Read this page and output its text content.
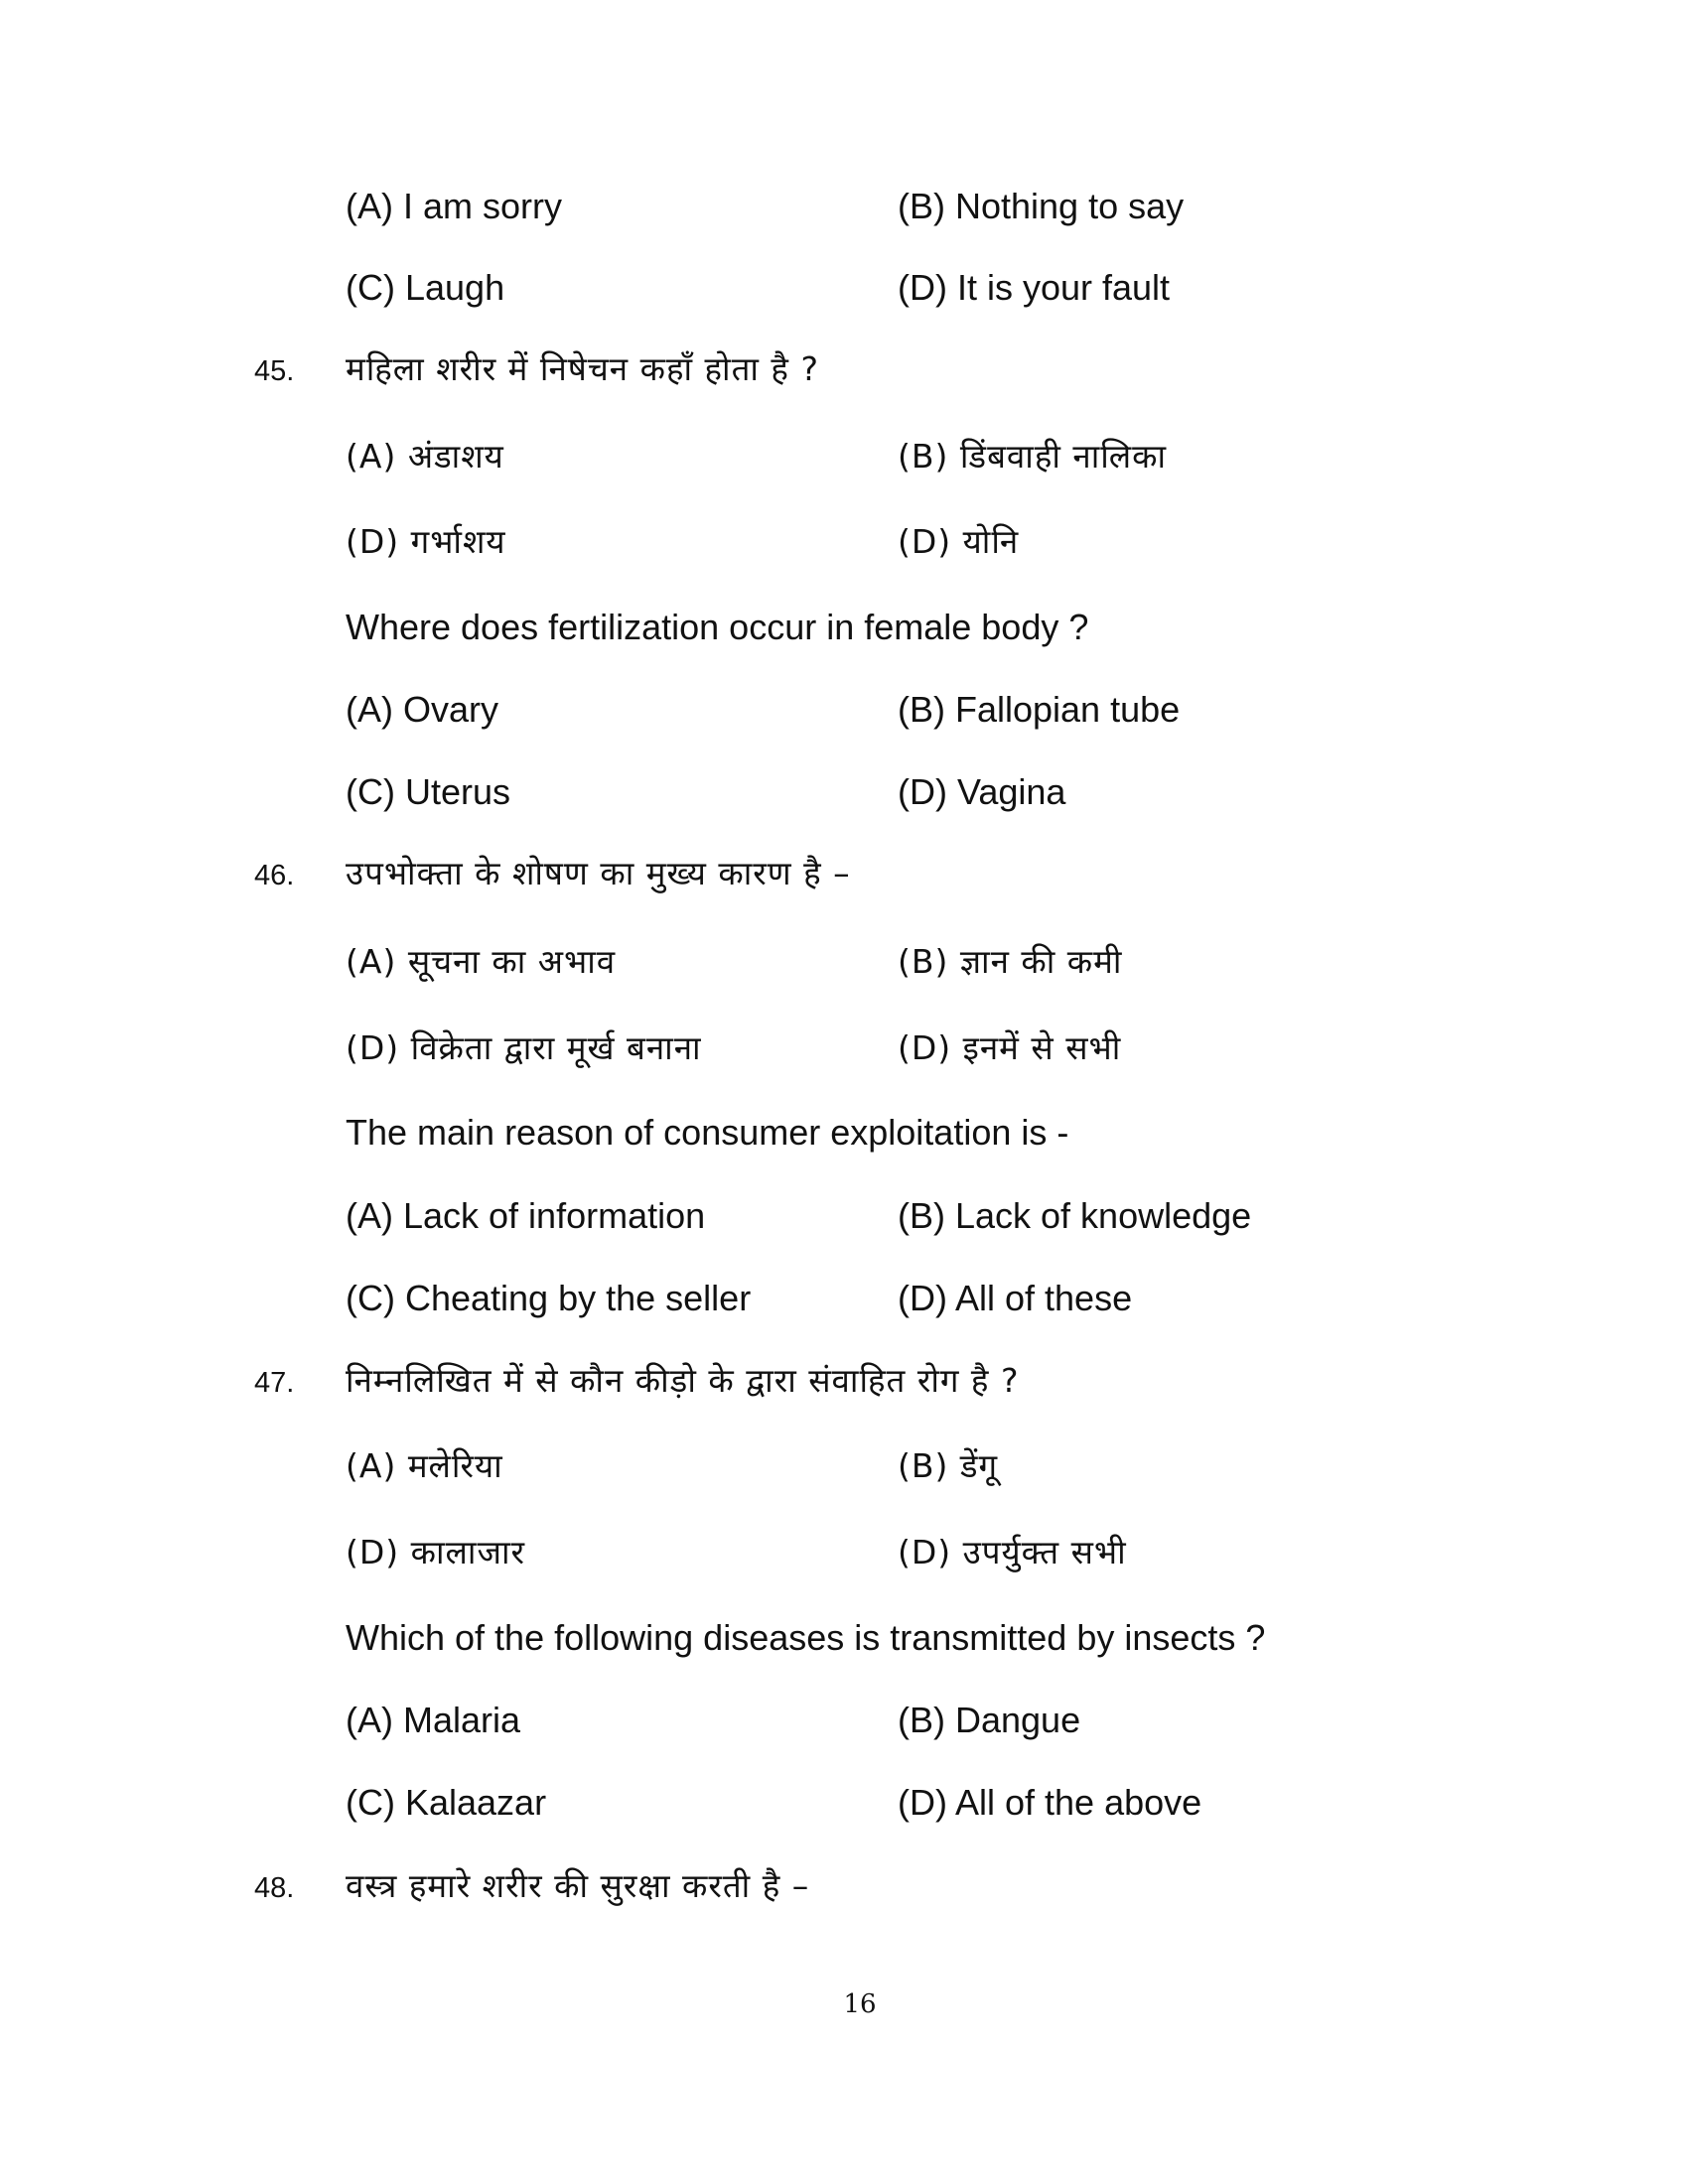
(A) I am sorry	(B) Nothing to say
(C) Laugh	(D) It is your fault
45. महिला शरीर में निषेचन कहाँ होता है ?
(A) अंडाशय	(B) डिंबवाही नालिका
(D) गर्भाशय	(D) योनि
Where does fertilization occur in female body ?
(A) Ovary	(B) Fallopian tube
(C) Uterus	(D) Vagina
46. उपभोक्ता के शोषण का मुख्य कारण है –
(A) सूचना का अभाव	(B) ज्ञान की कमी
(D) विक्रेता द्वारा मूर्ख बनाना	(D) इनमें से सभी
The main reason of consumer exploitation is -
(A) Lack of information	(B) Lack of knowledge
(C) Cheating by the seller	(D) All of these
47. निम्नलिखित में से कौन कीड़ो के द्वारा संवाहित रोग है ?
(A) मलेरिया	(B) डेंगू
(D) कालाजार	(D) उपर्युक्त सभी
Which of the following diseases is transmitted by insects ?
(A) Malaria	(B) Dangue
(C) Kalaazar	(D) All of the above
48. वस्त्र हमारे शरीर की सुरक्षा करती है –
16
